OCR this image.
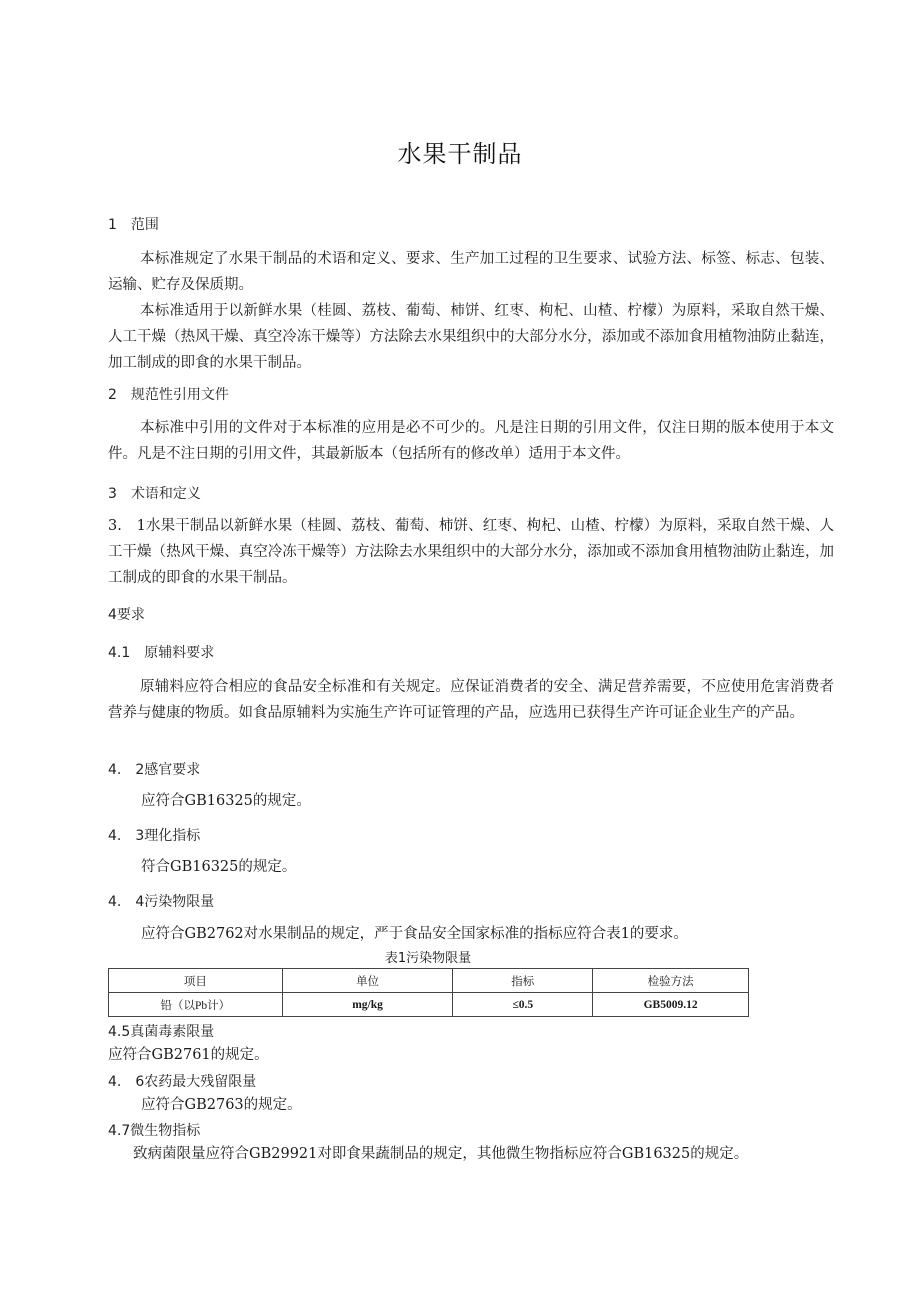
水果干制品
1　范围

本标准规定了水果干制品的术语和定义、要求、生产加工过程的卫生要求、试验方法、标签、标志、包装、运输、贮存及保质期。

本标准适用于以新鲜水果（桂圆、荔枝、葡萄、柿饼、红枣、枸杞、山楂、柠檬）为原料，采取自然干燥、人工干燥（热风干燥、真空冷冻干燥等）方法除去水果组织中的大部分水分，添加或不添加食用植物油防止黏连，加工制成的即食的水果干制品。

2　规范性引用文件

本标准中引用的文件对于本标准的应用是必不可少的。凡是注日期的引用文件，仅注日期的版本使用于本文件。凡是不注日期的引用文件，其最新版本（包括所有的修改单）适用于本文件。

3　术语和定义

3.　1水果干制品以新鲜水果（桂圆、荔枝、葡萄、柿饼、红枣、枸杞、山楂、柠檬）为原料，采取自然干燥、人工干燥（热风干燥、真空冷冻干燥等）方法除去水果组织中的大部分水分，添加或不添加食用植物油防止黏连，加工制成的即食的水果干制品。

4要求
4.1　原辅料要求

原辅料应符合相应的食品安全标准和有关规定。应保证消费者的安全、满足营养需要，不应使用危害消费者营养与健康的物质。如食品原辅料为实施生产许可证管理的产品，应选用已获得生产许可证企业生产的产品。

4.　2感官要求
应符合GB16325的规定。
4.　3理化指标
符合GB16325的规定。
4.　4污染物限量
应符合GB2762对水果制品的规定，严于食品安全国家标准的指标应符合表1的要求。
表1污染物限量
项目	单位	指标	检验方法
铅（以Pb计）	mg/kg	≤0.5	GB5009.12
4.5真菌毒素限量
应符合GB2761的规定。
4.　6农药最大残留限量
应符合GB2763的规定。
4.7微生物指标
致病菌限量应符合GB29921对即食果蔬制品的规定，其他微生物指标应符合GB16325的规定。
